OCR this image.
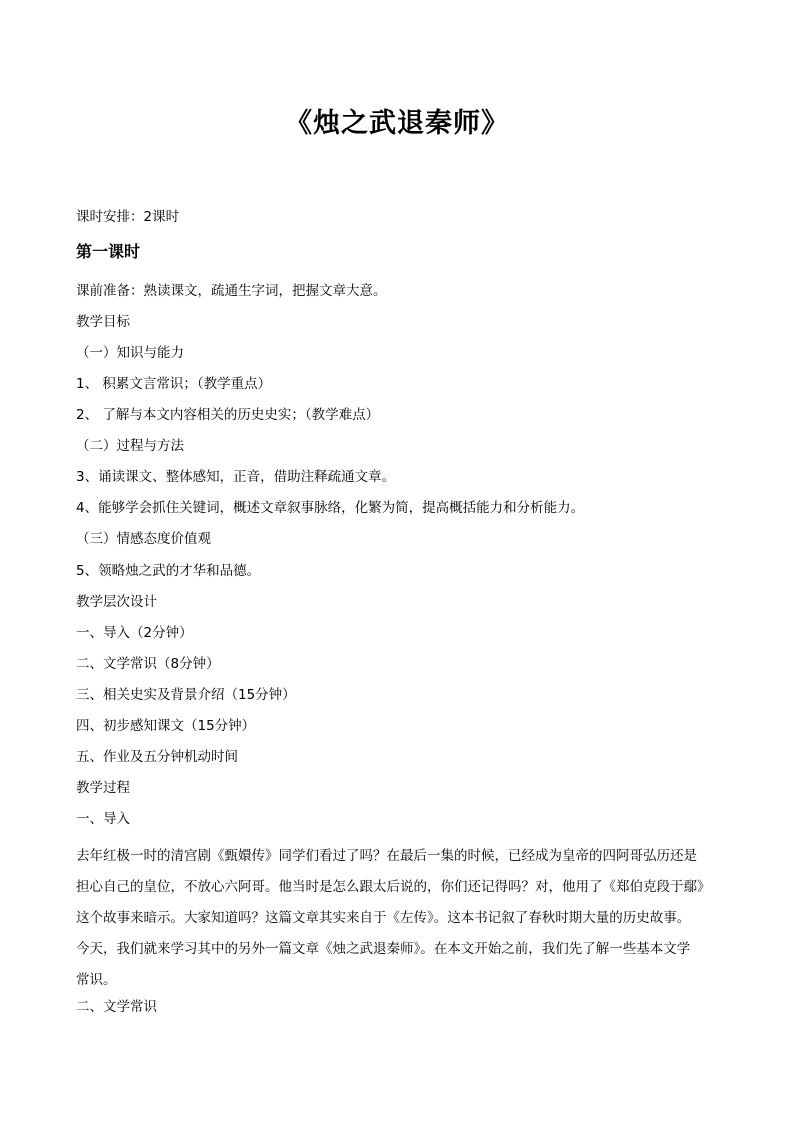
《烛之武退秦师》
课时安排：2课时
第一课时
课前准备：熟读课文，疏通生字词，把握文章大意。
教学目标
（一）知识与能力
1、 积累文言常识；（教学重点）
2、 了解与本文内容相关的历史史实；（教学难点）
（二）过程与方法
3、诵读课文、整体感知，正音，借助注释疏通文章。
4、能够学会抓住关键词，概述文章叙事脉络，化繁为简，提高概括能力和分析能力。
（三）情感态度价值观
5、领略烛之武的才华和品德。
教学层次设计
一、导入（2分钟）
二、文学常识（8分钟）
三、相关史实及背景介绍（15分钟）
四、初步感知课文（15分钟）
五、作业及五分钟机动时间
教学过程
一、导入
去年红极一时的清宫剧《甄嬛传》同学们看过了吗？在最后一集的时候，已经成为皇帝的四阿哥弘历还是
担心自己的皇位，不放心六阿哥。他当时是怎么跟太后说的，你们还记得吗？对，他用了《郑伯克段于鄢》
这个故事来暗示。大家知道吗？这篇文章其实来自于《左传》。这本书记叙了春秋时期大量的历史故事。
今天，我们就来学习其中的另外一篇文章《烛之武退秦师》。在本文开始之前，我们先了解一些基本文学
常识。
二、文学常识
